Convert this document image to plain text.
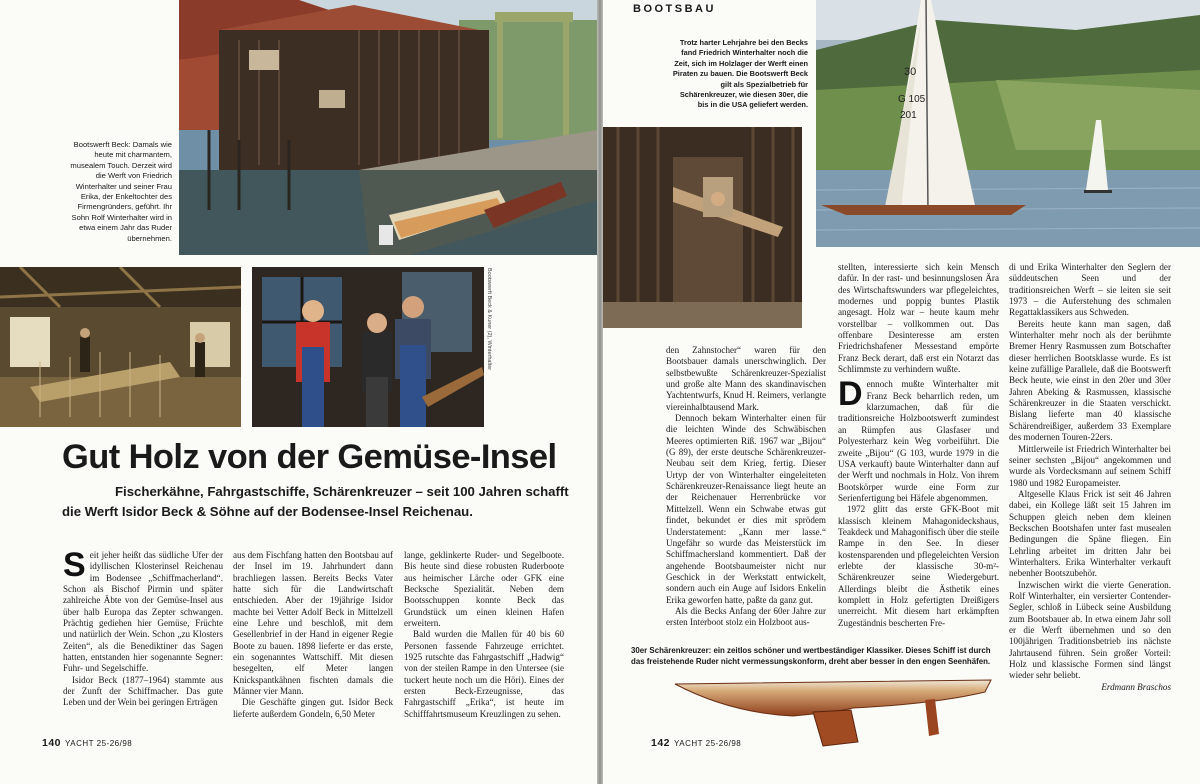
Bootswerft Beck: Damals wie heute mit charmantem, musealem Touch. Derzeit wird die Werft von Friedrich Winterhalter und seiner Frau Erika, der Enkeltochter des Firmengründers, geführt. Ihr Sohn Rolf Winterhalter wird in etwa einem Jahr das Ruder übernehmen.
Bootswerft Beck & Kuner (2), Winterhalter
Gut Holz von der Gemüse-Insel
Fischerkähne, Fahrgastschiffe, Schärenkreuzer – seit 100 Jahren schafft
die Werft Isidor Beck & Söhne auf der Bodensee-Insel Reichenau.

Seit jeher heißt das südliche Ufer der idyllischen Klosterinsel Reichenau im Bodensee „Schiffmacherland“. Schon als Bischof Pirmin und später zahlreiche Äbte von der Gemüse-Insel aus über halb Europa das Zepter schwangen. Prächtig gediehen hier Gemüse, Früchte und natürlich der Wein. Schon „zu Klosters Zeiten“, als die Benediktiner das Sagen hatten, entstanden hier sogenannte Segner: Fuhr- und Segelschiffe.

Isidor Beck (1877–1964) stammte aus der Zunft der Schiffmacher. Das gute Leben und der Wein bei geringen Erträgen

aus dem Fischfang hatten den Bootsbau auf der Insel im 19. Jahrhundert dann brachliegen lassen. Bereits Becks Vater hatte sich für die Landwirtschaft entschieden. Aber der 19jährige Isidor machte bei Vetter Adolf Beck in Mittelzell eine Lehre und beschloß, mit dem Gesellenbrief in der Hand in eigener Regie Boote zu bauen. 1898 lieferte er das erste, ein sogenanntes Wattschiff. Mit diesen besegelten, elf Meter langen Knickspantkähnen fischten damals die Männer vier Mann.

Die Geschäfte gingen gut. Isidor Beck lieferte außerdem Gondeln, 6,50 Meter

lange, geklinkerte Ruder- und Segelboote. Bis heute sind diese robusten Ruderboote aus heimischer Lärche oder GFK eine Becksche Spezialität. Neben dem Bootsschuppen konnte Beck das Grundstück um einen kleinen Hafen erweitern.

Bald wurden die Mallen für 40 bis 60 Personen fassende Fahrzeuge errichtet. 1925 rutschte das Fahrgastschiff „Hadwig“ von der steilen Rampe in den Untersee (sie tuckert heute noch um die Höri). Eines der ersten Beck-Erzeugnisse, das Fahrgastschiff „Erika“, ist heute im Schifffahrtsmuseum Kreuzlingen zu sehen.

140 YACHT 25-26/98
BOOTSBAU
Trotz harter Lehrjahre bei den Becks fand Friedrich Winterhalter noch die Zeit, sich im Holzlager der Werft einen Piraten zu bauen. Die Bootswerft Beck gilt als Spezialbetrieb für Schärenkreuzer, wie diesen 30er, die bis in die USA geliefert werden.
30
G 105
201

den Zahnstocher“ waren für den Bootsbauer damals unerschwinglich. Der selbstbewußte Schärenkreuzer-Spezialist und große alte Mann des skandinavischen Yachtentwurfs, Knud H. Reimers, verlangte viereinhalbtausend Mark.

Dennoch bekam Winterhalter einen für die leichten Winde des Schwäbischen Meeres optimierten Riß. 1967 war „Bijou“ (G 89), der erste deutsche Schärenkreuzer-Neubau seit dem Krieg, fertig. Dieser Urtyp der von Winterhalter eingeleiteten Schärenkreuzer-Renaissance liegt heute an der Reichenauer Herrenbrücke vor Mittelzell. Wenn ein Schwabe etwas gut findet, bekundet er dies mit sprödem Understatement: „Kann mer lasse.“ Ungefähr so wurde das Meisterstück im Schiffmachersland kommentiert. Daß der angehende Bootsbaumeister nicht nur Geschick in der Werkstatt entwickelt, sondern auch ein Auge auf Isidors Enkelin Erika geworfen hatte, paßte da ganz gut.

Als die Becks Anfang der 60er Jahre zur ersten Interboot stolz ein Holzboot aus-

stellten, interessierte sich kein Mensch dafür. In der rast- und besinnungslosen Ära des Wirtschaftswunders war pflegeleichtes, modernes und poppig buntes Plastik angesagt. Holz war – heute kaum mehr vorstellbar – vollkommen out. Das offenbare Desinteresse am ersten Friedrichshafener Messestand empörte Franz Beck derart, daß erst ein Notarzt das Schlimmste zu verhindern wußte.

Dennoch mußte Winterhalter mit Franz Beck beharrlich reden, um klarzumachen, daß für die traditionsreiche Holzbootswerft zumindest an Rümpfen aus Glasfaser und Polyesterharz kein Weg vorbeiführt. Die zweite „Bijou“ (G 103, wurde 1979 in die USA verkauft) baute Winterhalter dann auf der Werft und nochmals in Holz. Von ihrem Bootskörper wurde eine Form zur Serienfertigung bei Häfele abgenommen.

1972 glitt das erste GFK-Boot mit klassisch kleinem Mahagonideckshaus, Teakdeck und Mahagonifisch über die steile Rampe in den See. In dieser kostensparenden und pflegeleichten Version erlebte der klassische 30-m²-Schärenkreuzer seine Wiedergeburt. Allerdings bleibt die Ästhetik eines komplett in Holz gefertigten Dreißigers unerreicht. Mit diesem hart erkämpften Zugeständnis bescherten Fre-

di und Erika Winterhalter den Seglern der süddeutschen Seen und der traditionsreichen Werft – sie leiten sie seit 1973 – die Auferstehung des schmalen Regattaklassikers aus Schweden.

Bereits heute kann man sagen, daß Winterhalter mehr noch als der berühmte Bremer Henry Rasmussen zum Botschafter dieser herrlichen Bootsklasse wurde. Es ist keine zufällige Parallele, daß die Bootswerft Beck heute, wie einst in den 20er und 30er Jahren Abeking & Rasmussen, klassische Schärenkreuzer in die Staaten verschickt. Bislang lieferte man 40 klassische Schärendreißiger, außerdem 33 Exemplare des modernen Touren-22ers.

Mittlerweile ist Friedrich Winterhalter bei seiner sechsten „Bijou“ angekommen und wurde als Vordecksmann auf seinem Schiff 1980 und 1982 Europameister.

Altgeselle Klaus Frick ist seit 46 Jahren dabei, ein Kollege läßt seit 15 Jahren im Schuppen gleich neben dem kleinen Beckschen Bootshafen unter fast musealen Bedingungen die Späne fliegen. Ein Lehrling arbeitet im dritten Jahr bei Winterhalters. Erika Winterhalter verkauft nebenher Bootszubehör.

Inzwischen wirkt die vierte Generation. Rolf Winterhalter, ein versierter Contender-Segler, schloß in Lübeck seine Ausbildung zum Bootsbauer ab. In etwa einem Jahr soll er die Werft übernehmen und so den 100jährigen Traditionsbetrieb ins nächste Jahrtausend führen. Sein großer Vorteil: Holz und klassische Formen sind längst wieder sehr beliebt.

Erdmann Braschos

30er Schärenkreuzer: ein zeitlos schöner und wertbeständiger Klassiker. Dieses Schiff ist durch das freistehende Ruder nicht vermessungskonform, dreht aber besser in den engen Seenhäfen.
142 YACHT 25-26/98
